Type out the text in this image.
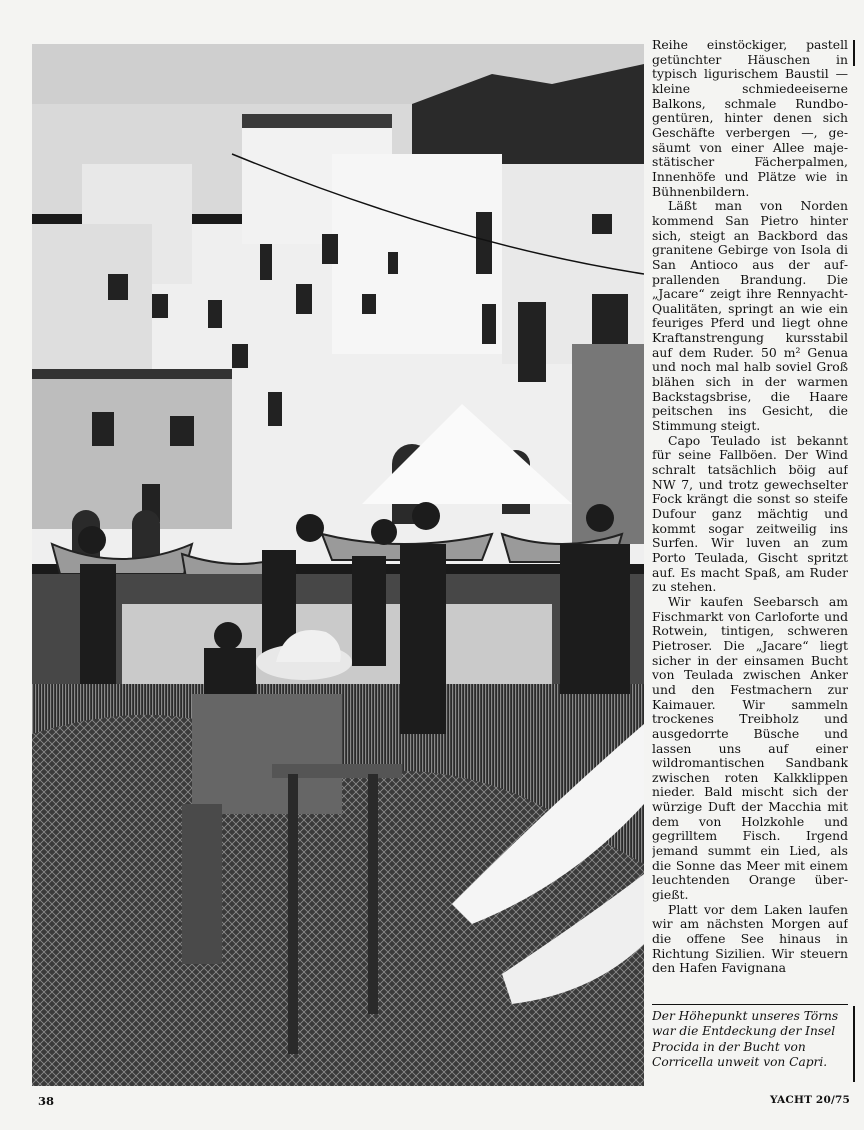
Reihe einstöckiger, pastell getünchter Häuschen in typisch ligurischem Baustil — kleine schmiedeeiserne Balkons, schmale Rundbogentüren, hinter denen sich Geschäfte verbergen —, gesäumt von einer Allee majestätischer Fächerpalmen, Innenhöfe und Plätze wie in Bühnenbildern.

Läßt man von Norden kommend San Pietro hinter sich, steigt an Backbord das granitene Gebirge von Isola di San Antioco aus der aufprallenden Brandung. Die „Jacare“ zeigt ihre Rennyacht-Qualitäten, springt an wie ein feuriges Pferd und liegt ohne Kraftanstrengung kursstabil auf dem Ruder. 50 m² Genua und noch mal halb soviel Groß blähen sich in der warmen Backstagsbrise, die Haare peitschen ins Gesicht, die Stimmung steigt.

Capo Teulado ist bekannt für seine Fallböen. Der Wind schralt tatsächlich böig auf NW 7, und trotz gewechselter Fock krängt die sonst so steife Dufour ganz mächtig und kommt sogar zeitweilig ins Surfen. Wir luven an zum Porto Teulada, Gischt spritzt auf. Es macht Spaß, am Ruder zu stehen.

Wir kaufen Seebarsch am Fischmarkt von Carloforte und Rotwein, tintigen, schweren Pietroser. Die „Jacare“ liegt sicher in der einsamen Bucht von Teulada zwischen Anker und den Festmachern zur Kaimauer. Wir sammeln trockenes Treibholz und ausgedorrte Büsche und lassen uns auf einer wildromantischen Sandbank zwischen roten Kalkklippen nieder. Bald mischt sich der würzige Duft der Macchia mit dem von Holzkohle und gegrilltem Fisch. Irgend jemand summt ein Lied, als die Sonne das Meer mit einem leuchtenden Orange übergießt.

Platt vor dem Laken laufen wir am nächsten Morgen auf die offene See hinaus in Richtung Sizilien. Wir steuern den Hafen Favignana

Der Höhepunkt unseres Törns war die Entdeckung der Insel Procida in der Bucht von Corricella unweit von Capri.
38	YACHT 20/75
